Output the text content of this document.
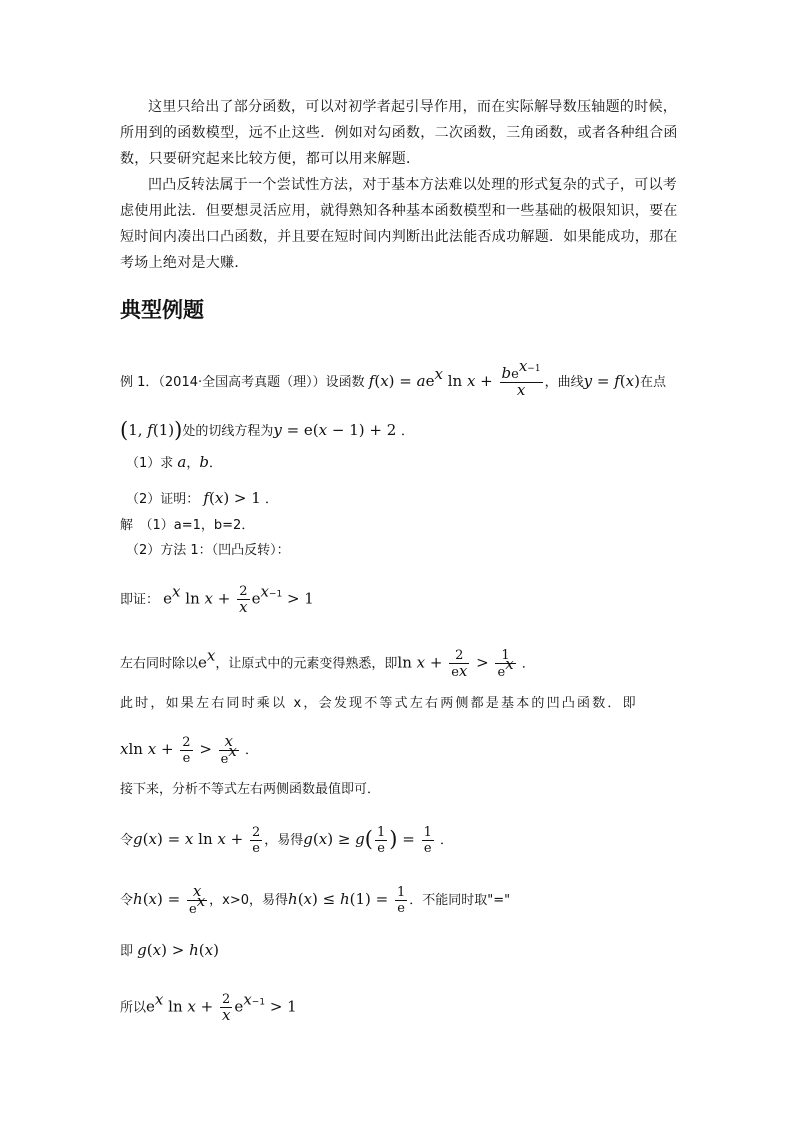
这里只给出了部分函数，可以对初学者起引导作用，而在实际解导数压轴题的时候，所用到的函数模型，远不止这些．例如对勾函数，二次函数，三角函数，或者各种组合函数，只要研究起来比较方便，都可以用来解题．

凹凸反转法属于一个尝试性方法，对于基本方法难以处理的形式复杂的式子，可以考虑使用此法．但要想灵活应用，就得熟知各种基本函数模型和一些基础的极限知识，要在短时间内凑出口凸函数，并且要在短时间内判断出此法能否成功解题．如果能成功，那在考场上绝对是大赚．

典型例题
例 1．（2014·全国高考真题（理））设函数 $f(x) = ae^x$ $\ln x + \frac{be^{x-1}}{x}$ ，曲线y = f(x)在点
(1, f(1))处的切线方程为y = e(x − 1) + 2 ．
（1）求 a，b．
（2）证明： f(x) > 1 ．
解　（1）a=1，b=2．
（2）方法 1：（凹凸反转）：
即证： $e^x$ $\ln x + \frac{2}{x} e^{x-1} > 1$
左右同时除以$e^x$，让原式中的元素变得熟悉，即$\ln x + \frac{2}{ex} > \frac{1}{e^x}$ ．
此时，如果左右同时乘以 x，会发现不等式左右两侧都是基本的凹凸函数．即
xln $x + \frac{2}{e} > \frac{x}{e^x}$ ．
接下来，分析不等式左右两侧函数最值即可．
令g(x) = x $\ln x + \frac{2}{e}$ ，易得$g(x) \ge g( \frac{1}{e}$ ) = $\frac{1}{e}$ ．
令$h(x) = \frac{x}{e^x}$ ，x>0，易得$h(x) \le h(1) = \frac{1}{e}$ ．不能同时取"="
即 g(x) > h(x)
所以$e^x$ $\ln x + \frac{2}{x} e^{x-1} > 1$
